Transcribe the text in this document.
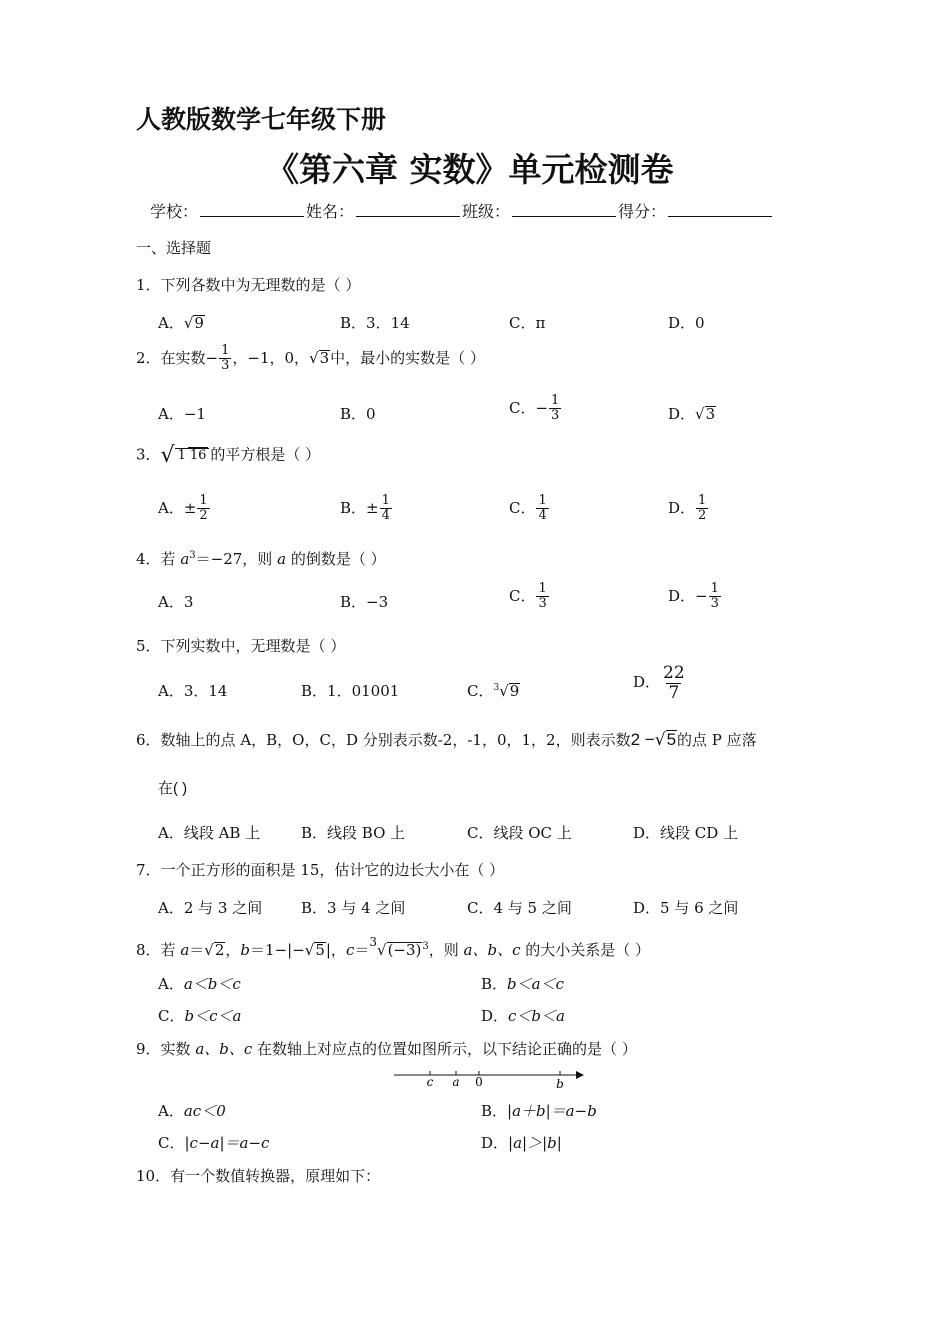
人教版数学七年级下册
《第六章 实数》单元检测卷
学校：	姓名：	班级：	得分：
一、选择题
1．下列各数中为无理数的是（ ）
A．√9	B．3．14	C．π	D．0
2．在实数− $\frac{1}{3}$ ，−1，0，√3中，最小的实数是（ ）
A．−1	B．0	C．− $\frac{1}{3}$	D．√3
3．√ 1 16 的平方根是（ ）
A．± $\frac{1}{2}$	B．± $\frac{1}{4}$	C． $\frac{1}{4}$	D． $\frac{1}{2}$
4．若 $a^3=-27$，则 a 的倒数是（ ）
A．3	B．−3	C． $\frac{1}{3}$	D．− $\frac{1}{3}$
5．下列实数中，无理数是（ ）
A．3．14	B．1．01001	C．$^3$√9	D． $\frac{22}{7}$
6．数轴上的点 A，B，O，C，D 分别表示数-2，-1，0，1，2，则表示数2 −√5的点 P 应落
在( )
A．线段 AB 上	B．线段 BO 上	C．线段 OC 上	D．线段 CD 上
7．一个正方形的面积是 15，估计它的边长大小在（ ）
A．2 与 3 之间	B．3 与 4 之间	C．4 与 5 之间	D．5 与 6 之间
8．若 a＝√2，b＝1−|−√5|，$c=^3√(-3)^3$，则 a、b、c 的大小关系是（ ）
A．a＜b＜c	B．b＜a＜c
C．b＜c＜a	D．c＜b＜a
9．实数 a、b、c 在数轴上对应点的位置如图所示，以下结论正确的是（ ）
c a 0	b
A．ac＜0	B．|a＋b|＝a−b
C．|c−a|＝a−c	D．|a|＞|b|
10．有一个数值转换器，原理如下：
